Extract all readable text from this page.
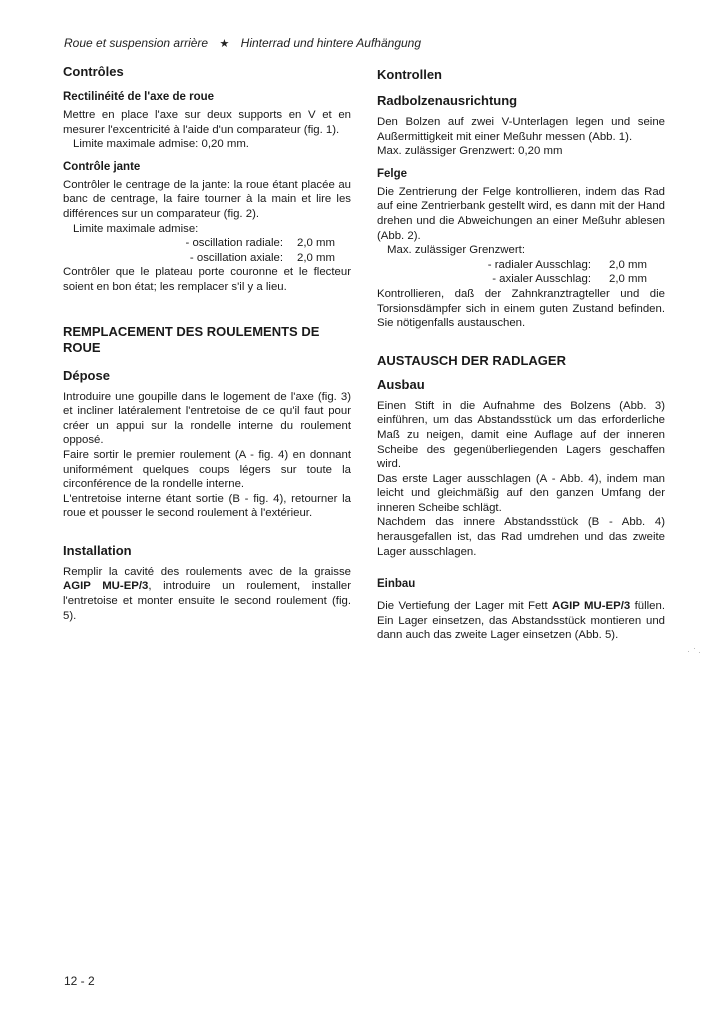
Roue et suspension arrière ★ Hinterrad und hintere Aufhängung
Contrôles
Rectilinéité de l'axe de roue

Mettre en place l'axe sur deux supports en V et en mesurer l'excentricité à l'aide d'un comparateur (fig. 1).

Limite maximale admise: 0,20 mm.

Contrôle jante

Contrôler le centrage de la jante: la roue étant placée au banc de centrage, la faire tourner à la main et lire les différences sur un comparateur (fig. 2).

Limite maximale admise:

- oscillation radiale:	2,0 mm
- oscillation axiale:	2,0 mm

Contrôler que le plateau porte couronne et le flecteur soient en bon état; les remplacer s'il y a lieu.

REMPLACEMENT DES ROULEMENTS DE ROUE
Dépose

Introduire une goupille dans le logement de l'axe (fig. 3) et incliner latéralement l'entretoise de ce qu'il faut pour créer un appui sur la rondelle interne du roulement opposé.

Faire sortir le premier roulement (A - fig. 4) en donnant uniformément quelques coups légers sur toute la circonférence de la rondelle interne.

L'entretoise interne étant sortie (B - fig. 4), retourner la roue et pousser le second roulement à l'extérieur.

Installation

Remplir la cavité des roulements avec de la graisse AGIP MU-EP/3, introduire un roulement, installer l'entretoise et monter ensuite le second roulement (fig. 5).

Kontrollen
Radbolzenausrichtung

Den Bolzen auf zwei V-Unterlagen legen und seine Außermittigkeit mit einer Meßuhr messen (Abb. 1).

Max. zulässiger Grenzwert: 0,20 mm

Felge

Die Zentrierung der Felge kontrollieren, indem das Rad auf eine Zentrierbank gestellt wird, es dann mit der Hand drehen und die Abweichungen an einer Meßuhr ablesen (Abb. 2).

Max. zulässiger Grenzwert:

- radialer Ausschlag:	2,0 mm
- axialer Ausschlag:	2,0 mm

Kontrollieren, daß der Zahnkranztragteller und die Torsionsdämpfer sich in einem guten Zustand befinden. Sie nötigenfalls austauschen.

AUSTAUSCH DER RADLAGER
Ausbau

Einen Stift in die Aufnahme des Bolzens (Abb. 3) einführen, um das Abstandsstück um das erforderliche Maß zu neigen, damit eine Auflage auf der inneren Scheibe des gegenüberliegenden Lagers geschaffen wird.

Das erste Lager ausschlagen (A - Abb. 4), indem man leicht und gleichmäßig auf den ganzen Umfang der inneren Scheibe schlägt.

Nachdem das innere Abstandsstück (B - Abb. 4) herausgefallen ist, das Rad umdrehen und das zweite Lager ausschlagen.

Einbau

Die Vertiefung der Lager mit Fett AGIP MU-EP/3 füllen. Ein Lager einsetzen, das Abstandsstück montieren und dann auch das zweite Lager einsetzen (Abb. 5).

12 - 2
